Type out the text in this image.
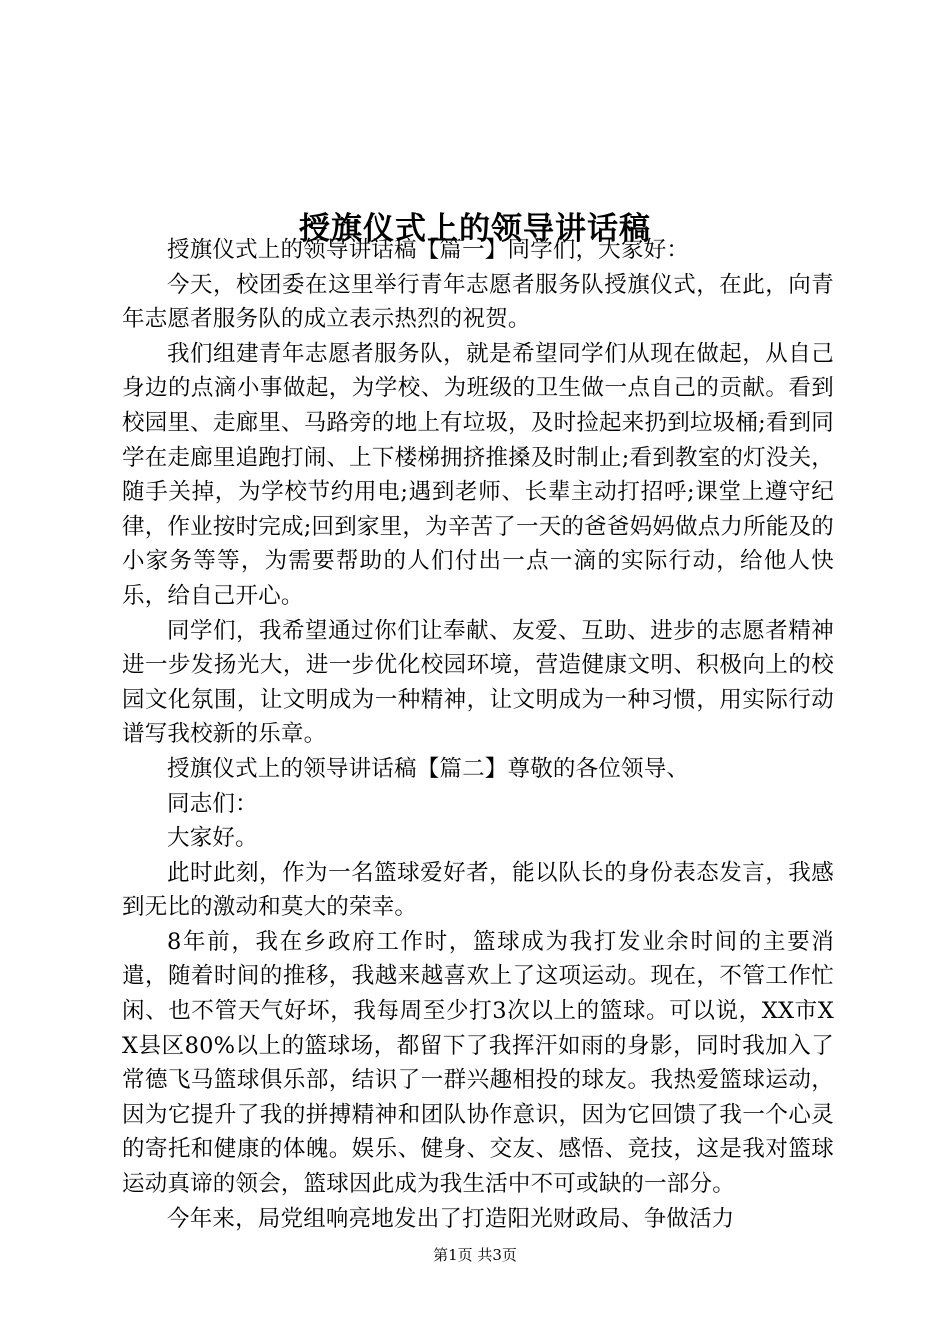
授旗仪式上的领导讲话稿

授旗仪式上的领导讲话稿【篇一】同学们，大家好：

今天，校团委在这里举行青年志愿者服务队授旗仪式，在此，向青年志愿者服务队的成立表示热烈的祝贺。

我们组建青年志愿者服务队，就是希望同学们从现在做起，从自己身边的点滴小事做起，为学校、为班级的卫生做一点自己的贡献。看到校园里、走廊里、马路旁的地上有垃圾，及时捡起来扔到垃圾桶;看到同学在走廊里追跑打闹、上下楼梯拥挤推搡及时制止;看到教室的灯没关，随手关掉，为学校节约用电;遇到老师、长辈主动打招呼;课堂上遵守纪律，作业按时完成;回到家里，为辛苦了一天的爸爸妈妈做点力所能及的小家务等等，为需要帮助的人们付出一点一滴的实际行动，给他人快乐，给自己开心。

同学们，我希望通过你们让奉献、友爱、互助、进步的志愿者精神进一步发扬光大，进一步优化校园环境，营造健康文明、积极向上的校园文化氛围，让文明成为一种精神，让文明成为一种习惯，用实际行动谱写我校新的乐章。

授旗仪式上的领导讲话稿【篇二】尊敬的各位领导、

同志们：

大家好。

此时此刻，作为一名篮球爱好者，能以队长的身份表态发言，我感到无比的激动和莫大的荣幸。

8年前，我在乡政府工作时，篮球成为我打发业余时间的主要消遣，随着时间的推移，我越来越喜欢上了这项运动。现在，不管工作忙闲、也不管天气好坏，我每周至少打3次以上的篮球。可以说，XX市XX县区80%以上的篮球场，都留下了我挥汗如雨的身影，同时我加入了常德飞马篮球俱乐部，结识了一群兴趣相投的球友。我热爱篮球运动，因为它提升了我的拼搏精神和团队协作意识，因为它回馈了我一个心灵的寄托和健康的体魄。娱乐、健身、交友、感悟、竞技，这是我对篮球运动真谛的领会，篮球因此成为我生活中不可或缺的一部分。

今年来，局党组响亮地发出了打造阳光财政局、争做活力

第1页 共3页
